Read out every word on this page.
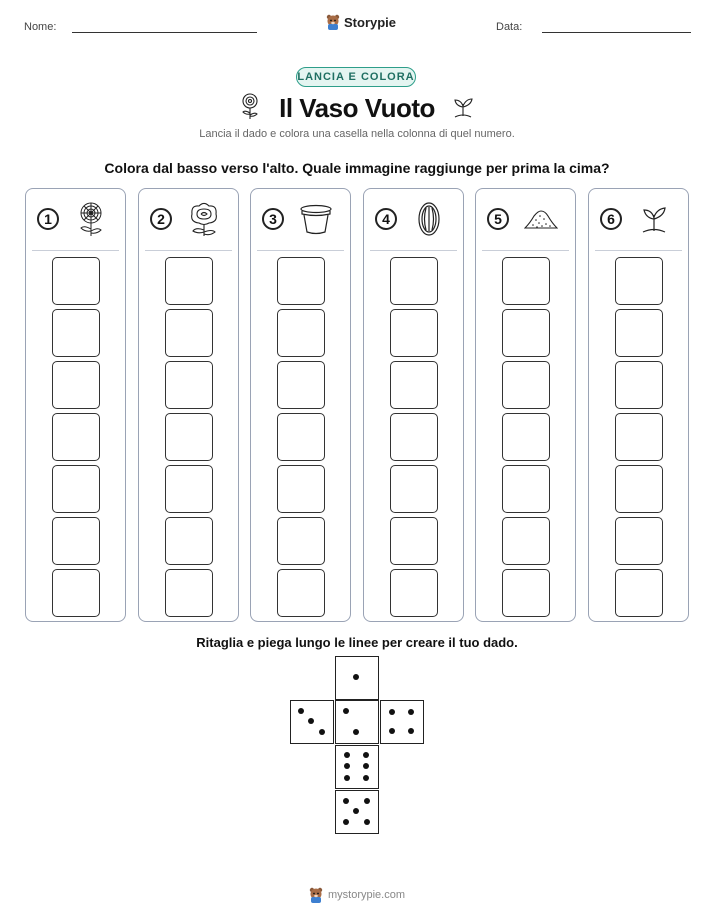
Nome:	Storypie	Data:
LANCIA E COLORA
Il Vaso Vuoto
Lancia il dado e colora una casella nella colonna di quel numero.
Colora dal basso verso l'alto. Quale immagine raggiunge per prima la cima?
1	2	3	4	5	6
Ritaglia e piega lungo le linee per creare il tuo dado.
mystorypie.com
